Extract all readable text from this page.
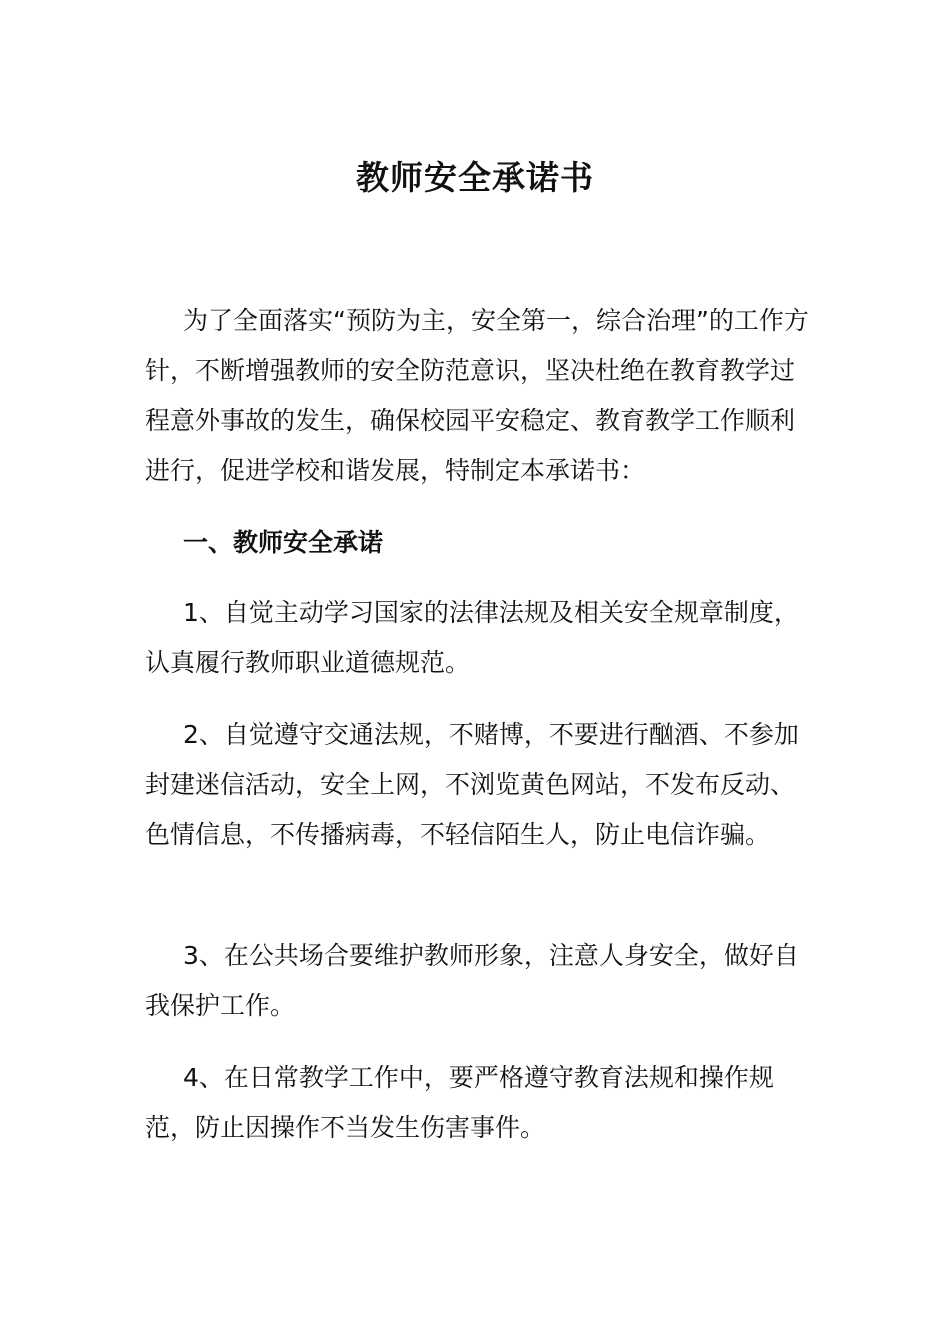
教师安全承诺书

为了全面落实“预防为主，安全第一，综合治理”的工作方针，不断增强教师的安全防范意识，坚决杜绝在教育教学过程意外事故的发生，确保校园平安稳定、教育教学工作顺利进行，促进学校和谐发展，特制定本承诺书：

一、教师安全承诺

1、自觉主动学习国家的法律法规及相关安全规章制度，认真履行教师职业道德规范。

2、自觉遵守交通法规，不赌博，不要进行酗酒、不参加封建迷信活动，安全上网，不浏览黄色网站，不发布反动、色情信息，不传播病毒，不轻信陌生人，防止电信诈骗。

3、在公共场合要维护教师形象，注意人身安全，做好自我保护工作。

4、在日常教学工作中，要严格遵守教育法规和操作规范，防止因操作不当发生伤害事件。
